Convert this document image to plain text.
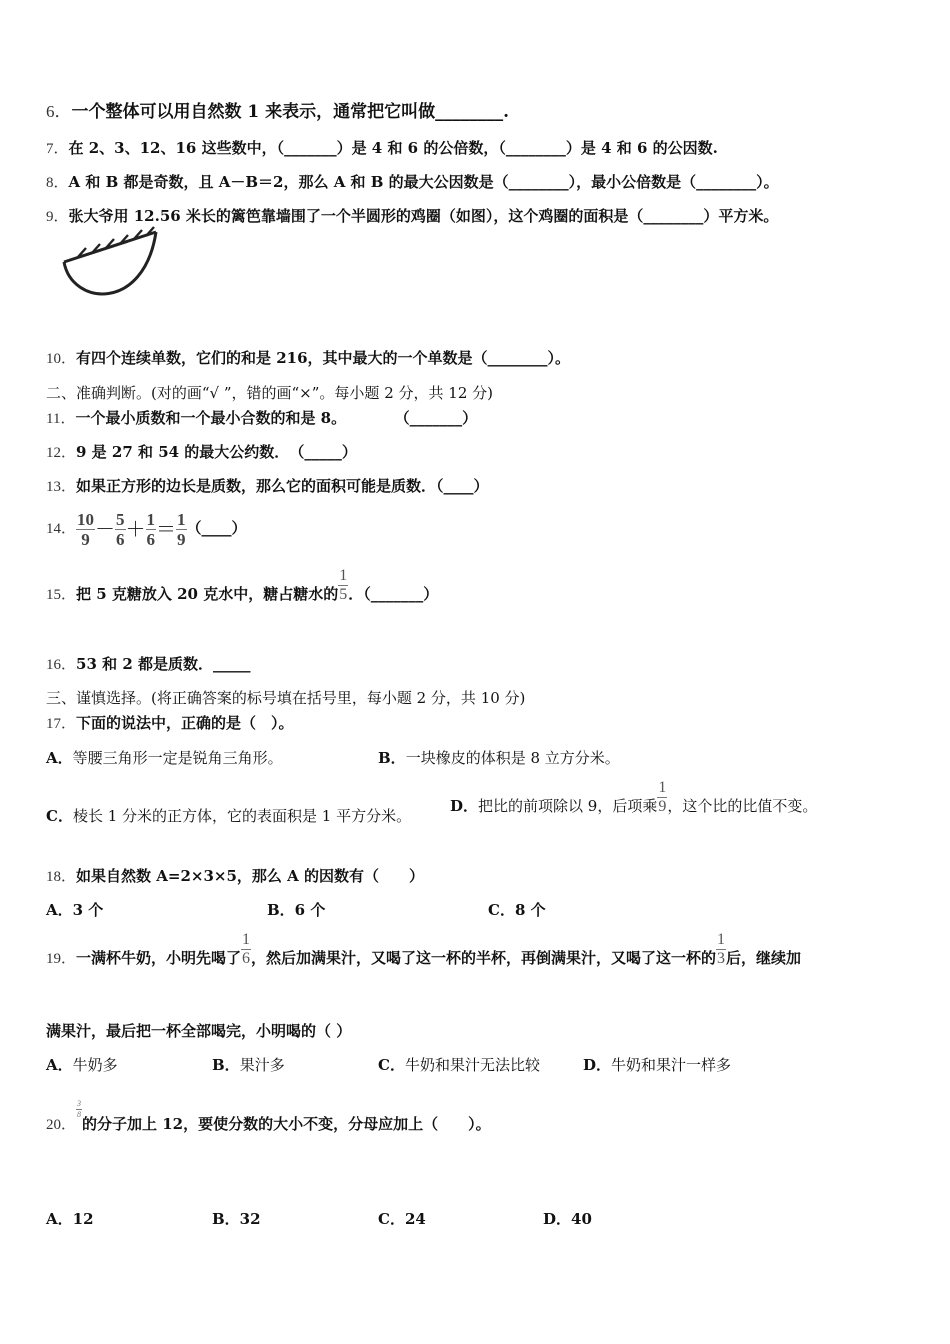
6．一个整体可以用自然数 1 来表示，通常把它叫做________.
7．在 2、3、12、16 这些数中，（_______）是 4 和 6 的公倍数，（________）是 4 和 6 的公因数.
8．A 和 B 都是奇数，且 A－B＝2，那么 A 和 B 的最大公因数是（________），最小公倍数是（________）。
9．张大爷用 12.56 米长的篱笆靠墙围了一个半圆形的鸡圈（如图），这个鸡圈的面积是（________）平方米。
10．有四个连续单数，它们的和是 216，其中最大的一个单数是（________）。
二、准确判断。(对的画“√ ”，错的画“×”。每小题 2 分，共 12 分)
11．一个最小质数和一个最小合数的和是 8。	（_______）
12．9 是 27 和 54 的最大公约数．　（_____）
13．如果正方形的边长是质数，那么它的面积可能是质数．（____）
14． $\frac{10}{9} - \frac{5}{6} + \frac{1}{6} = \frac{1}{9}$ （____）
15．把 5 克糖放入 20 克水中，糖占糖水的 $\frac{1}{5}$ ．（_______）
16．53 和 2 都是质数．_____
三、谨慎选择。(将正确答案的标号填在括号里，每小题 2 分，共 10 分)
17．下面的说法中，正确的是（　）。
A．等腰三角形一定是锐角三角形。	B．一块橡皮的体积是 8 立方分米。
C．棱长 1 分米的正方体，它的表面积是 1 平方分米。
D．把比的前项除以 9，后项乘 $\frac{1}{9}$ ，这个比的比值不变。
18．如果自然数 A=2×3×5，那么 A 的因数有（　　）
A．3 个	B．6 个	C．8 个
19．一满杯牛奶，小明先喝了 $\frac{1}{6}$ ，然后加满果汁，又喝了这一杯的半杯，再倒满果汁，又喝了这一杯的 $\frac{1}{3}$ 后，继续加
满果汁，最后把一杯全部喝完，小明喝的（ ）
A．牛奶多	B．果汁多	C．牛奶和果汁无法比较	D．牛奶和果汁一样多
20．
$\frac{3}{8}$
的分子加上 12，要使分数的大小不变，分母应加上（　　）。
A．12	B．32	C．24	D．40
